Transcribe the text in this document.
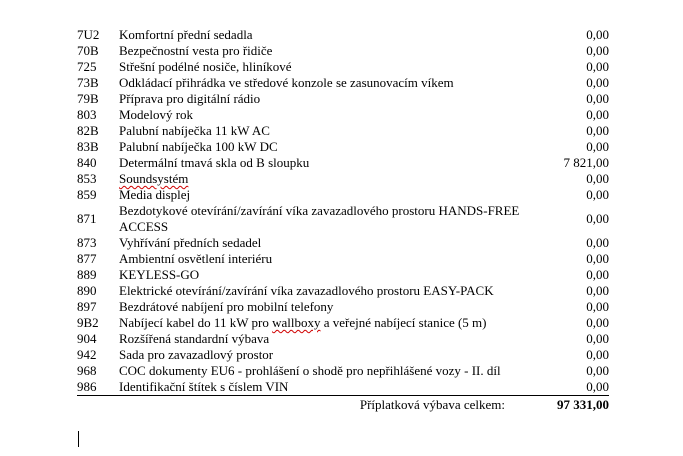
7U2	Komfortní přední sedadla	0,00
70B	Bezpečnostní vesta pro řidiče	0,00
725	Střešní podélné nosiče, hliníkové	0,00
73B	Odkládací přihrádka ve středové konzole se zasunovacím víkem	0,00
79B	Příprava pro digitální rádio	0,00
803	Modelový rok	0,00
82B	Palubní nabíječka 11 kW AC	0,00
83B	Palubní nabíječka 100 kW DC	0,00
840	Determální tmavá skla od B sloupku	7 821,00
853	Soundsystém	0,00
859	Media displej	0,00
871	Bezdotykové otevírání/zavírání víka zavazadlového prostoru HANDS-FREE ACCESS	0,00
873	Vyhřívání předních sedadel	0,00
877	Ambientní osvětlení interiéru	0,00
889	KEYLESS-GO	0,00
890	Elektrické otevírání/zavírání víka zavazadlového prostoru EASY-PACK	0,00
897	Bezdrátové nabíjení pro mobilní telefony	0,00
9B2	Nabíjecí kabel do 11 kW pro wallboxy a veřejné nabíjecí stanice (5 m)	0,00
904	Rozšířená standardní výbava	0,00
942	Sada pro zavazadlový prostor	0,00
968	COC dokumenty EU6 - prohlášení o shodě pro nepřihlášené vozy - II. díl	0,00
986	Identifikační štítek s číslem VIN	0,00
	Příplatková výbava celkem:	97 331,00
